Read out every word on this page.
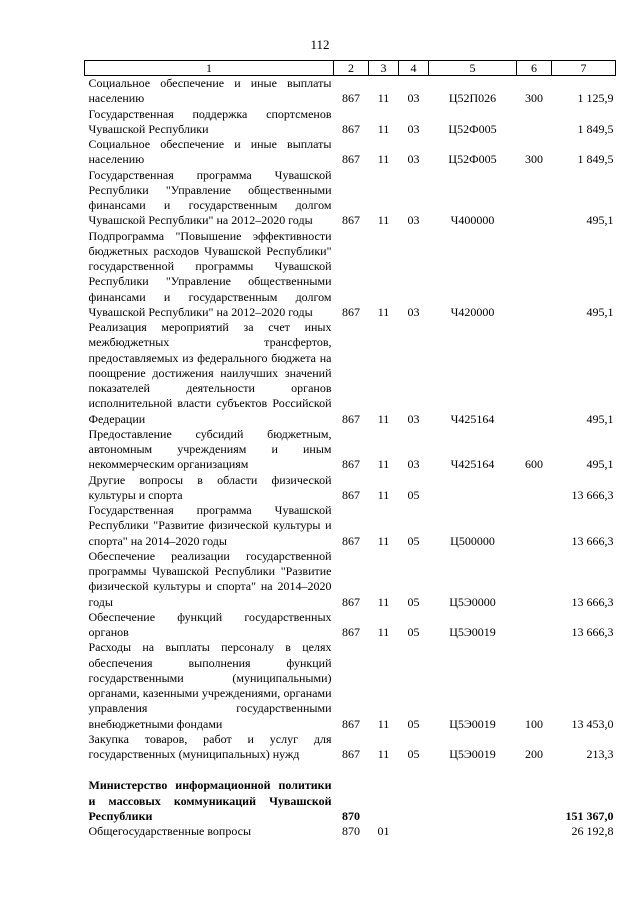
112
1	2	3	4	5	6	7
Социальное обеспечение и иные выплаты населению	867	11	03	Ц52П026	300	1 125,9
Государственная поддержка спортсменов Чувашской Республики	867	11	03	Ц52Ф005		1 849,5
Социальное обеспечение и иные выплаты населению	867	11	03	Ц52Ф005	300	1 849,5
Государственная программа Чувашской Республики "Управление общественными финансами и государственным долгом Чувашской Республики" на 2012–2020 годы	867	11	03	Ч400000		495,1
Подпрограмма "Повышение эффективности бюджетных расходов Чувашской Республики" государственной программы Чувашской Республики "Управление общественными финансами и государственным долгом Чувашской Республики" на 2012–2020 годы	867	11	03	Ч420000		495,1
Реализация мероприятий за счет иных межбюджетных трансфертов, предоставляемых из федерального бюджета на поощрение достижения наилучших значений показателей деятельности органов исполнительной власти субъектов Российской Федерации	867	11	03	Ч425164		495,1
Предоставление субсидий бюджетным, автономным учреждениям и иным некоммерческим организациям	867	11	03	Ч425164	600	495,1
Другие вопросы в области физической культуры и спорта	867	11	05			13 666,3
Государственная программа Чувашской Республики "Развитие физической культуры и спорта" на 2014–2020 годы	867	11	05	Ц500000		13 666,3
Обеспечение реализации государственной программы Чувашской Республики "Развитие физической культуры и спорта" на 2014–2020 годы	867	11	05	Ц5Э0000		13 666,3
Обеспечение функций государственных органов	867	11	05	Ц5Э0019		13 666,3
Расходы на выплаты персоналу в целях обеспечения выполнения функций государственными (муниципальными) органами, казенными учреждениями, органами управления государственными внебюджетными фондами	867	11	05	Ц5Э0019	100	13 453,0
Закупка товаров, работ и услуг для государственных (муниципальных) нужд	867	11	05	Ц5Э0019	200	213,3

Министерство информационной политики и массовых коммуникаций Чувашской Республики	870					151 367,0
Общегосударственные вопросы	870	01				26 192,8
